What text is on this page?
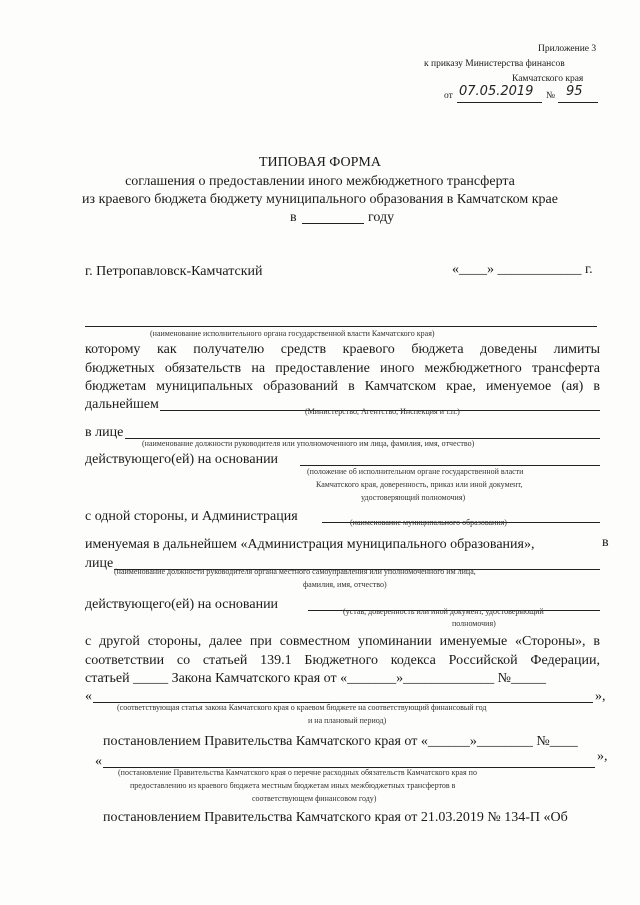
Приложение 3
к приказу Министерства финансов
Камчатского края
от 07.05.2019 № 95
ТИПОВАЯ ФОРМА
соглашения о предоставлении иного межбюджетного трансферта
из краевого бюджета бюджету муниципального образования в Камчатском крае
в	году
г. Петропавловск-Камчатский	«____» ____________ г.
(наименование исполнительного органа государственной власти Камчатского края)
которому как получателю средств краевого бюджета доведены лимиты
бюджетных обязательств на предоставление иного межбюджетного трансферта
бюджетам муниципальных образований в Камчатском крае, именуемое (ая) в
дальнейшем	(Министерство, Агентство, Инспекция и т.п.)
в лице
(наименование должности руководителя или уполномоченного им лица, фамилия, имя, отчество)
действующего(ей) на основании
(положение об исполнительном органе государственной власти
Камчатского края, доверенность, приказ или иной документ,
удостоверяющий полномочия)
с одной стороны, и Администрация	(наименование муниципального образования)
именуемая в дальнейшем «Администрация муниципального образования»,	в
лице
(наименование должности руководителя органа местного самоуправления или уполномоченного им лица,
фамилия, имя, отчество)
действующего(ей) на основании	(устав, доверенность или иной документ, удостоверяющий
полномочия)
с другой стороны, далее при совместном упоминании именуемые «Стороны», в
соответствии со статьей 139.1 Бюджетного кодекса Российской Федерации,
статьей _____ Закона Камчатского края от «_______»_____________ №_____
«	»,
(соответствующая статья закона Камчатского края о краевом бюджете на соответствующий финансовый год
и на плановый период)
постановлением Правительства Камчатского края от «______»________ №____
«	»,
(постановление Правительства Камчатского края о перечне расходных обязательств Камчатского края по
предоставлению из краевого бюджета местным бюджетам иных межбюджетных трансфертов в
соответствующем финансовом году)
постановлением Правительства Камчатского края от 21.03.2019 № 134-П «Об
